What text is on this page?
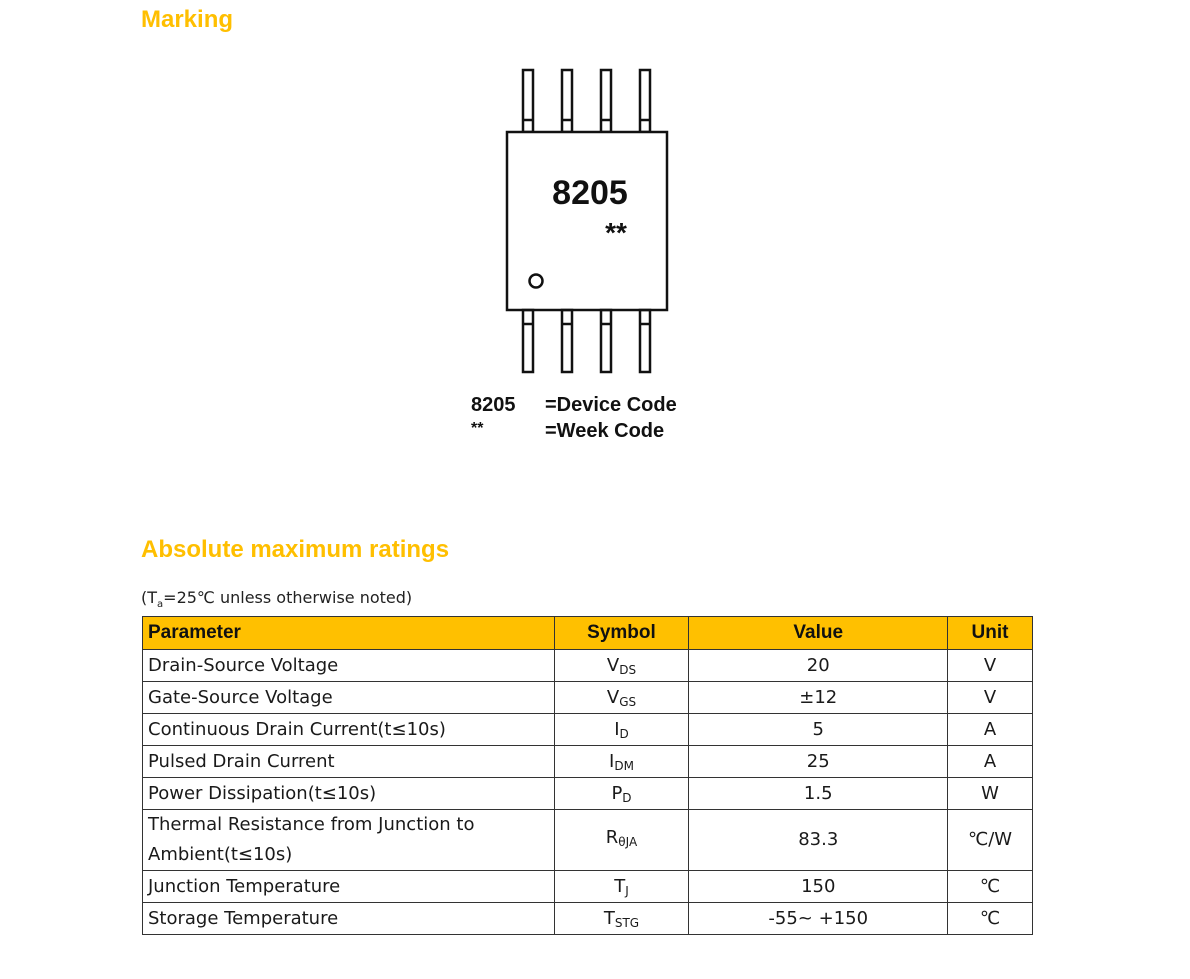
Marking
8205
**
8205 =Device Code
**	=Week Code
Absolute maximum ratings
($T_a=25℃$ unless otherwise noted)
Parameter	Symbol	Value	Unit
Drain-Source Voltage	$V_{DS}$	20	V
Gate-Source Voltage	$V_{GS}$	±12	V
Continuous Drain Current(t≤10s)	$I_D$	5	A
Pulsed Drain Current	$I_{DM}$	25	A
Power Dissipation(t≤10s)	$P_D$	1.5	W
Thermal Resistance from Junction to
Ambient(t≤10s)	$R_{\theta JA}$	83.3	℃/W
Junction Temperature	$T_J$	150	℃
Storage Temperature	$T_{STG}$	-55~ +150	℃
